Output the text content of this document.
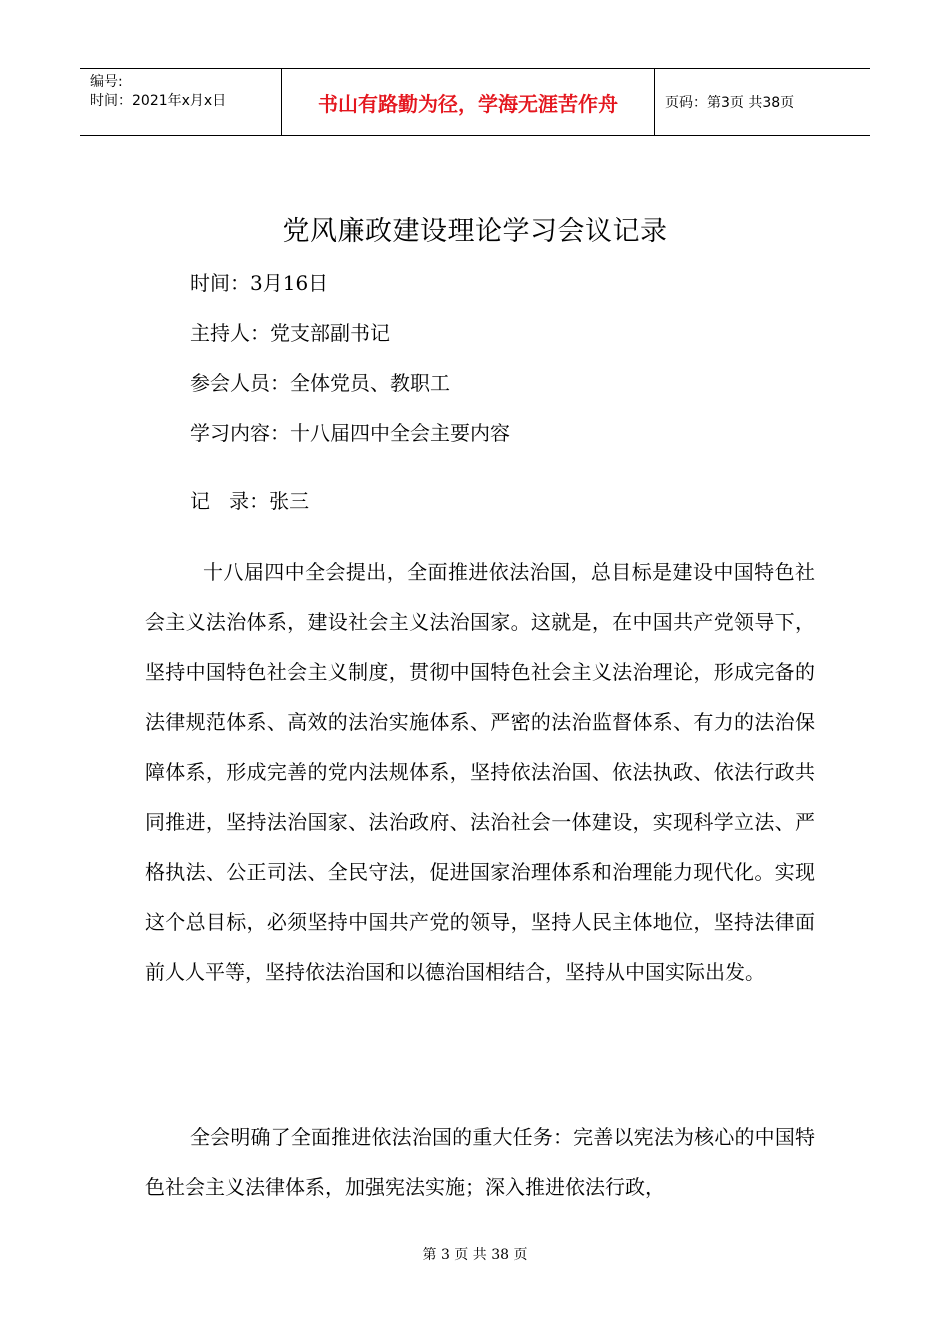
编号:
时间：2021年x月x日	书山有路勤为径，学海无涯苦作舟	页码：第3页 共38页
党风廉政建设理论学习会议记录
时间：3月16日
主持人：党支部副书记
参会人员：全体党员、教职工
学习内容：十八届四中全会主要内容
记   录：张三
十八届四中全会提出，全面推进依法治国，总目标是建设中国特色社会主义法治体系，建设社会主义法治国家。这就是，在中国共产党领导下，坚持中国特色社会主义制度，贯彻中国特色社会主义法治理论，形成完备的法律规范体系、高效的法治实施体系、严密的法治监督体系、有力的法治保障体系，形成完善的党内法规体系，坚持依法治国、依法执政、依法行政共同推进，坚持法治国家、法治政府、法治社会一体建设，实现科学立法、严格执法、公正司法、全民守法，促进国家治理体系和治理能力现代化。实现这个总目标，必须坚持中国共产党的领导，坚持人民主体地位，坚持法律面前人人平等，坚持依法治国和以德治国相结合，坚持从中国实际出发。
全会明确了全面推进依法治国的重大任务：完善以宪法为核心的中国特色社会主义法律体系，加强宪法实施；深入推进依法行政，
第 3 页 共 38 页
